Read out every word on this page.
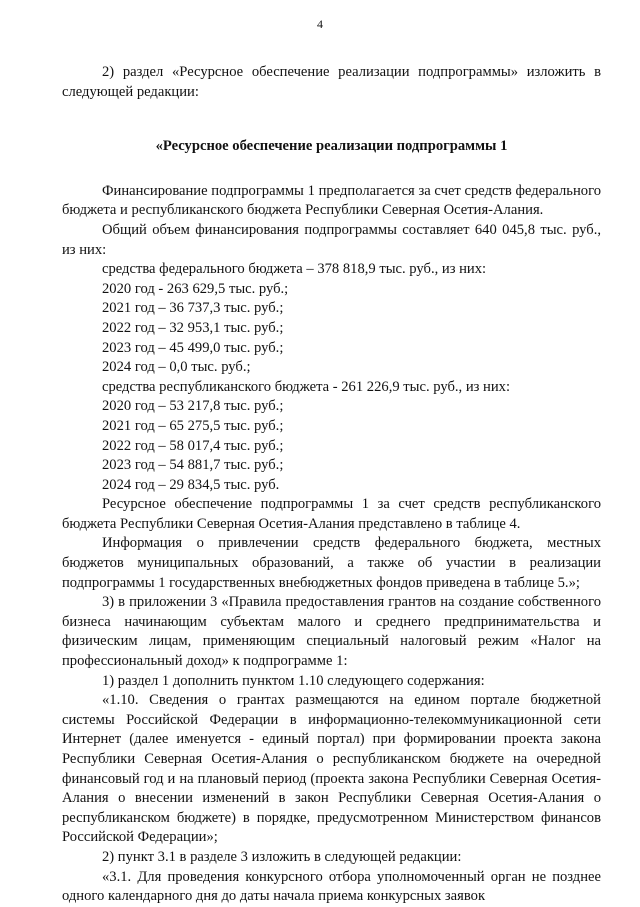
4

2) раздел «Ресурсное обеспечение реализации подпрограммы» изложить в следующей редакции:

«Ресурсное обеспечение реализации подпрограммы 1

Финансирование подпрограммы 1 предполагается за счет средств федерального бюджета и республиканского бюджета Республики Северная Осетия-Алания.

Общий объем финансирования подпрограммы составляет 640 045,8 тыс. руб., из них:

средства федерального бюджета – 378 818,9 тыс. руб., из них:

2020 год - 263 629,5 тыс. руб.;

2021 год – 36 737,3 тыс. руб.;

2022 год – 32 953,1 тыс. руб.;

2023 год – 45 499,0 тыс. руб.;

2024 год – 0,0 тыс. руб.;

средства республиканского бюджета - 261 226,9 тыс. руб., из них:

2020 год – 53 217,8 тыс. руб.;

2021 год – 65 275,5 тыс. руб.;

2022 год – 58 017,4 тыс. руб.;

2023 год – 54 881,7 тыс. руб.;

2024 год – 29 834,5 тыс. руб.

Ресурсное обеспечение подпрограммы 1 за счет средств республиканского бюджета Республики Северная Осетия-Алания представлено в таблице 4.

Информация о привлечении средств федерального бюджета, местных бюджетов муниципальных образований, а также об участии в реализации подпрограммы 1 государственных внебюджетных фондов приведена в таблице 5.»;

3) в приложении 3 «Правила предоставления грантов на создание собственного бизнеса начинающим субъектам малого и среднего предпринимательства и физическим лицам, применяющим специальный налоговый режим «Налог на профессиональный доход» к подпрограмме 1:

1) раздел 1 дополнить пунктом 1.10 следующего содержания:

«1.10. Сведения о грантах размещаются на едином портале бюджетной системы Российской Федерации в информационно-телекоммуникационной сети Интернет (далее именуется - единый портал) при формировании проекта закона Республики Северная Осетия-Алания о республиканском бюджете на очередной финансовый год и на плановый период (проекта закона Республики Северная Осетия-Алания о внесении изменений в закон Республики Северная Осетия-Алания о республиканском бюджете) в порядке, предусмотренном Министерством финансов Российской Федерации»;

2) пункт 3.1 в разделе 3 изложить в следующей редакции:

«3.1. Для проведения конкурсного отбора уполномоченный орган не позднее одного календарного дня до даты начала приема конкурсных заявок
